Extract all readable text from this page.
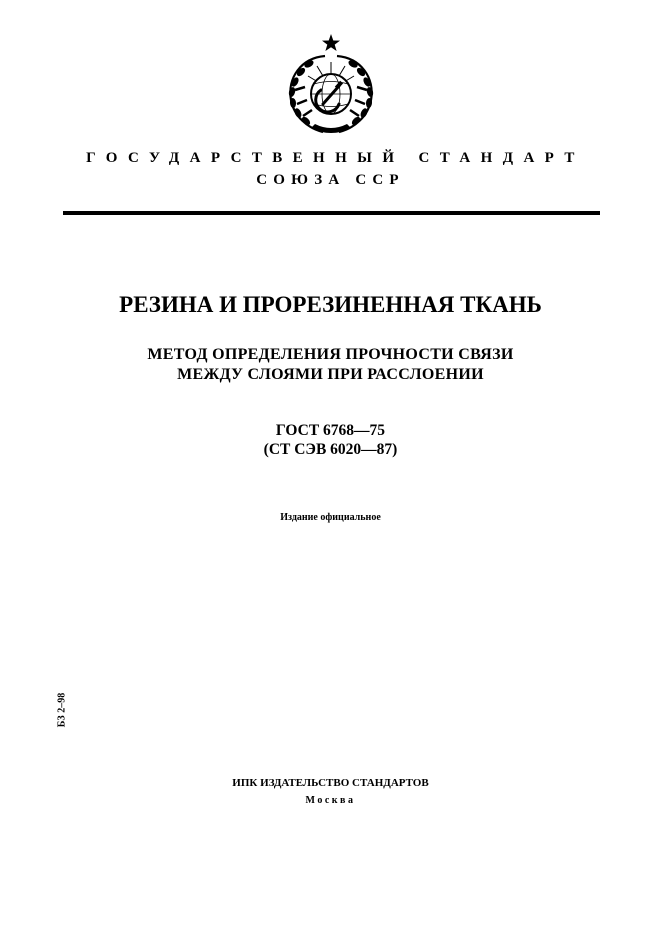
ГОСУДАРСТВЕННЫЙ СТАНДАРТ
СОЮЗА ССР
РЕЗИНА И ПРОРЕЗИНЕННАЯ ТКАНЬ
МЕТОД ОПРЕДЕЛЕНИЯ ПРОЧНОСТИ СВЯЗИ
МЕЖДУ СЛОЯМИ ПРИ РАССЛОЕНИИ
ГОСТ 6768—75
(СТ СЭВ 6020—87)
Издание официальное
БЗ 2–98
ИПК ИЗДАТЕЛЬСТВО СТАНДАРТОВ
Москва
